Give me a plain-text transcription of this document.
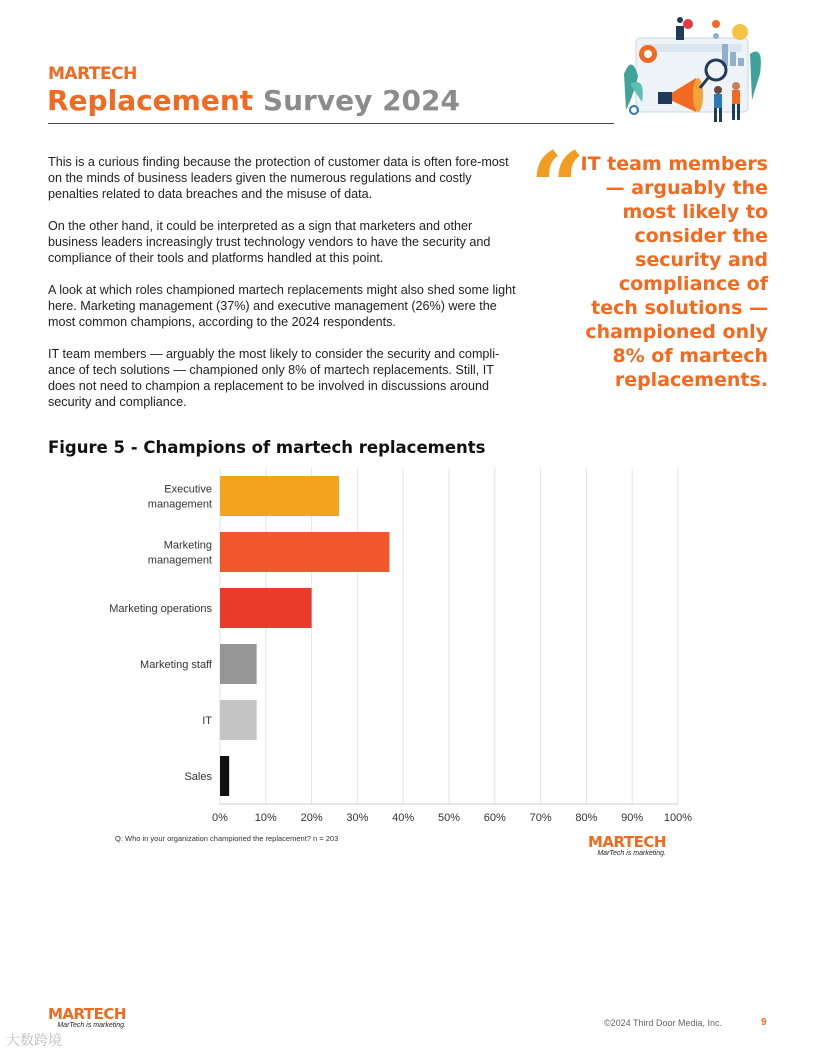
MARTECH
Replacement Survey 2024

This is a curious finding because the protection of customer data is often fore-most on the minds of business leaders given the numerous regulations and costly penalties related to data breaches and the misuse of data.

On the other hand, it could be interpreted as a sign that marketers and other business leaders increasingly trust technology vendors to have the security and compliance of their tools and platforms handled at this point.

A look at which roles championed martech replacements might also shed some light here. Marketing management (37%) and executive management (26%) were the most common champions, according to the 2024 respondents.

IT team members — arguably the most likely to consider the security and compli-ance of tech solutions — championed only 8% of martech replacements. Still, IT does not need to champion a replacement to be involved in discussions around security and compliance.

“
IT team members — arguably the most likely to consider the security and compliance of tech solutions — championed only 8% of martech replacements.
Figure 5 - Champions of martech replacements
0% 10% 20% 30% 40% 50% 60% 70% 80% 90% 100%
Executive
management
Marketing
management
Marketing operations
Marketing staff
IT
Sales
Q: Who in your organization championed the replacement? n = 203	MARTECH
MarTech is marketing.
MARTECH
MarTech is marketing.	©2024 Third Door Media, Inc.	9
大数跨境
